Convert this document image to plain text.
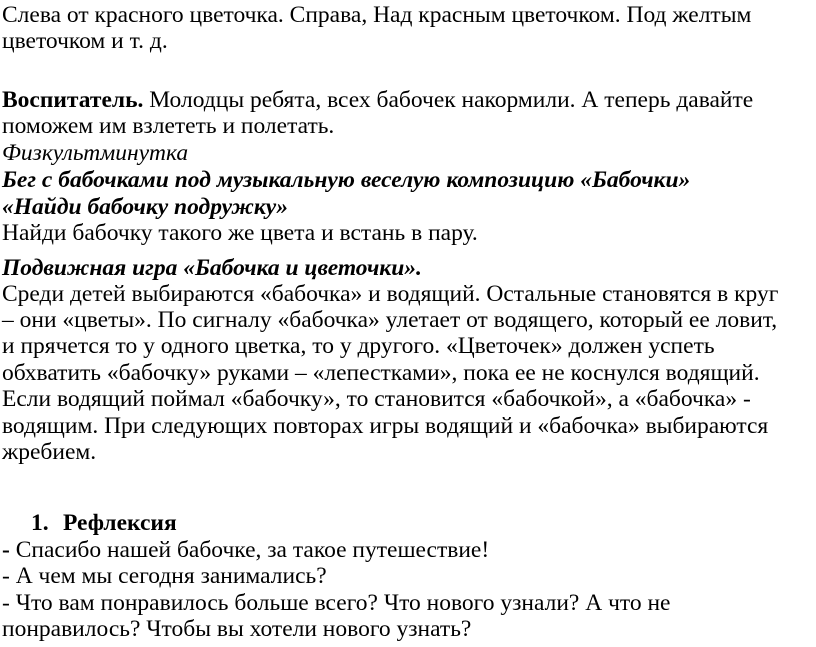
Слева от красного цветочка. Справа, Над красным цветочком. Под желтым

цветочком и т. д.

Воспитатель. Молодцы ребята, всех бабочек накормили. А теперь давайте

поможем им взлететь и полетать.

Физкультминутка

Бег с бабочками под музыкальную веселую композицию «Бабочки»

«Найди бабочку подружку»

Найди бабочку такого же цвета и встань в пару.

Подвижная игра «Бабочка и цветочки».

Среди детей выбираются «бабочка» и водящий. Остальные становятся в круг

– они «цветы». По сигналу «бабочка» улетает от водящего, который ее ловит,

и прячется то у одного цветка, то у другого. «Цветочек» должен успеть

обхватить «бабочку» руками – «лепестками», пока ее не коснулся водящий.

Если водящий поймал «бабочку», то становится «бабочкой», а «бабочка» -

водящим. При следующих повторах игры водящий и «бабочка» выбираются

жребием.

1. Рефлексия

- Спасибо нашей бабочке, за такое путешествие!

- А чем мы сегодня занимались?

- Что вам понравилось больше всего? Что нового узнали? А что не

понравилось? Чтобы вы хотели нового узнать?
